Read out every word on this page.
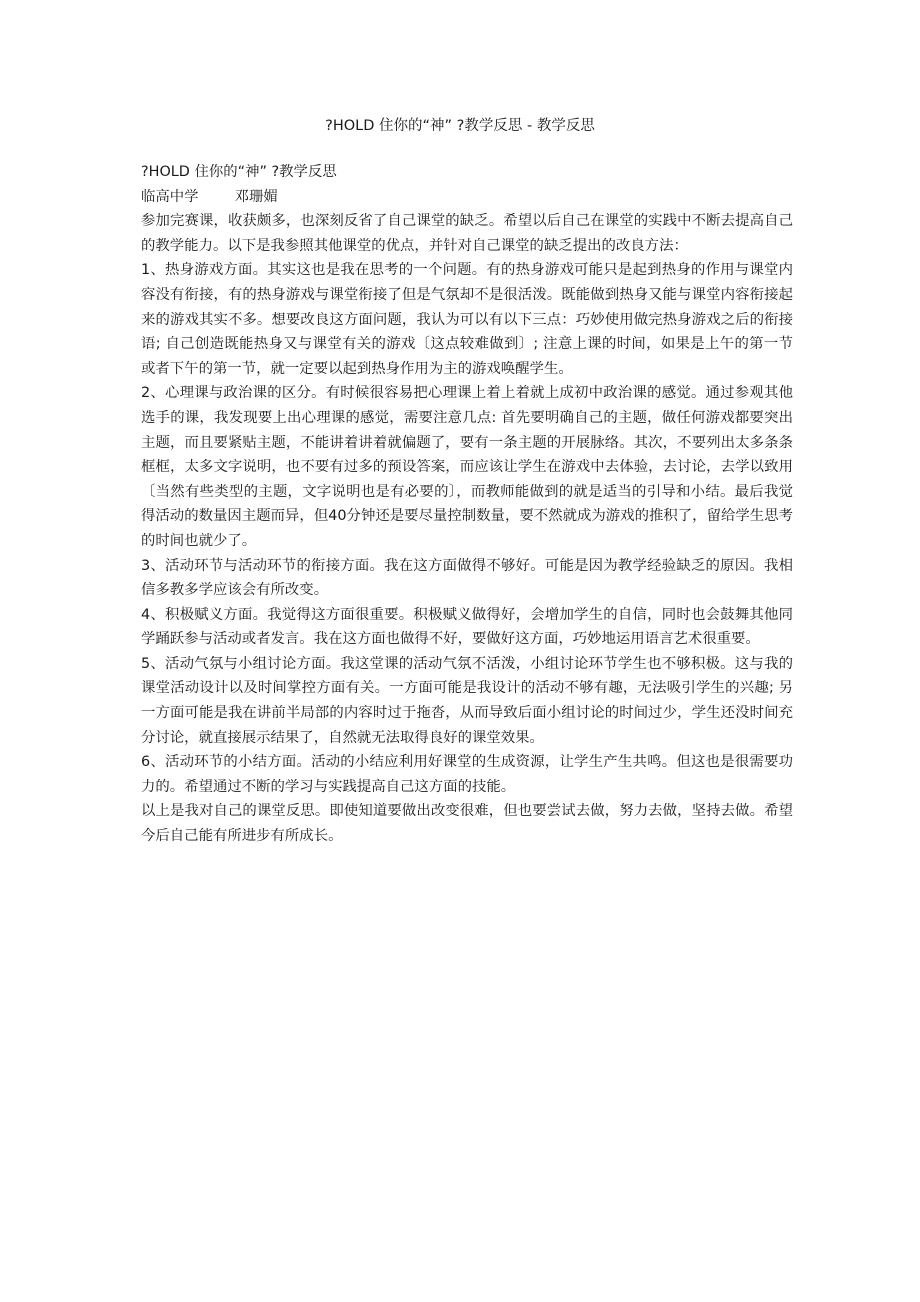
?HOLD 住你的“神” ?教学反思 - 教学反思

?HOLD 住你的“神” ?教学反思

临高中学	邓珊媚

参加完赛课，收获颇多，也深刻反省了自己课堂的缺乏。希望以后自己在课堂的实践中不断去提高自己的教学能力。以下是我参照其他课堂的优点，并针对自己课堂的缺乏提出的改良方法：

1、热身游戏方面。其实这也是我在思考的一个问题。有的热身游戏可能只是起到热身的作用与课堂内容没有衔接，有的热身游戏与课堂衔接了但是气氛却不是很活泼。既能做到热身又能与课堂内容衔接起来的游戏其实不多。想要改良这方面问题，我认为可以有以下三点：巧妙使用做完热身游戏之后的衔接语; 自己创造既能热身又与课堂有关的游戏〔这点较难做到〕; 注意上课的时间，如果是上午的第一节或者下午的第一节，就一定要以起到热身作用为主的游戏唤醒学生。

2、心理课与政治课的区分。有时候很容易把心理课上着上着就上成初中政治课的感觉。通过参观其他选手的课，我发现要上出心理课的感觉，需要注意几点: 首先要明确自己的主题，做任何游戏都要突出主题，而且要紧贴主题，不能讲着讲着就偏题了，要有一条主题的开展脉络。其次，不要列出太多条条框框，太多文字说明，也不要有过多的预设答案，而应该让学生在游戏中去体验，去讨论，去学以致用〔当然有些类型的主题，文字说明也是有必要的〕，而教师能做到的就是适当的引导和小结。最后我觉得活动的数量因主题而异，但40分钟还是要尽量控制数量，要不然就成为游戏的推积了，留给学生思考的时间也就少了。

3、活动环节与活动环节的衔接方面。我在这方面做得不够好。可能是因为教学经验缺乏的原因。我相信多教多学应该会有所改变。

4、积极赋义方面。我觉得这方面很重要。积极赋义做得好，会增加学生的自信，同时也会鼓舞其他同学踊跃参与活动或者发言。我在这方面也做得不好，要做好这方面，巧妙地运用语言艺术很重要。

5、活动气氛与小组讨论方面。我这堂课的活动气氛不活泼，小组讨论环节学生也不够积极。这与我的课堂活动设计以及时间掌控方面有关。一方面可能是我设计的活动不够有趣，无法吸引学生的兴趣; 另一方面可能是我在讲前半局部的内容时过于拖沓，从而导致后面小组讨论的时间过少，学生还没时间充分讨论，就直接展示结果了，自然就无法取得良好的课堂效果。

6、活动环节的小结方面。活动的小结应利用好课堂的生成资源，让学生产生共鸣。但这也是很需要功力的。希望通过不断的学习与实践提高自己这方面的技能。

以上是我对自己的课堂反思。即使知道要做出改变很难，但也要尝试去做，努力去做，坚持去做。希望今后自己能有所进步有所成长。
